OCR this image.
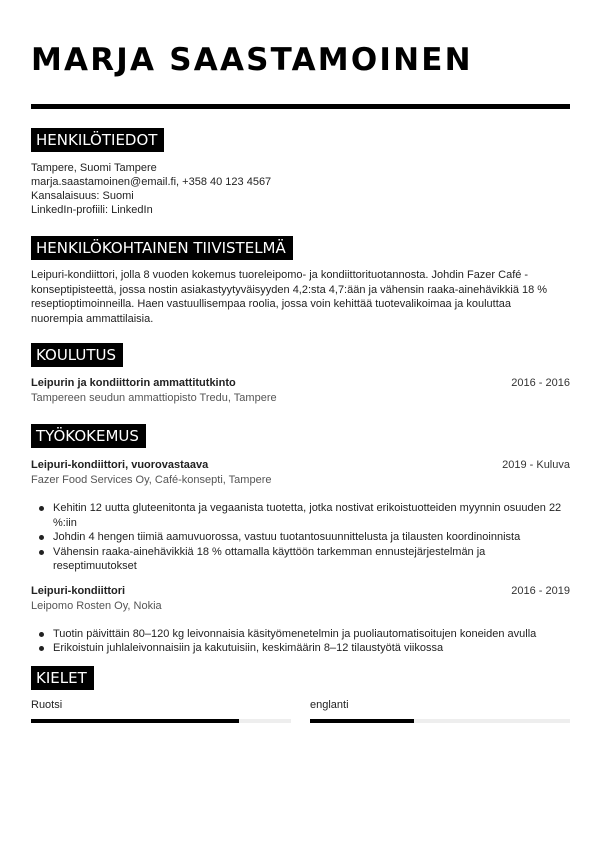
MARJA SAASTAMOINEN
HENKILÖTIEDOT
Tampere, Suomi Tampere
marja.saastamoinen@email.fi, +358 40 123 4567
Kansalaisuus: Suomi
LinkedIn-profiili: LinkedIn
HENKILÖKOHTAINEN TIIVISTELMÄ
Leipuri-kondiittori, jolla 8 vuoden kokemus tuoreleipomo- ja kondiittorituotannosta. Johdin Fazer Café -konseptipisteettä, jossa nostin asiakastyytyväisyyden 4,2:sta 4,7:ään ja vähensin raaka-ainehävikkiä 18 % reseptioptimoinneilla. Haen vastuullisempaa roolia, jossa voin kehittää tuotevalikoimaa ja kouluttaa nuorempia ammattilaisia.
KOULUTUS
Leipurin ja kondiittorin ammattitutkinto	2016 - 2016
Tampereen seudun ammattiopisto Tredu, Tampere
TYÖKOKEMUS
Leipuri-kondiittori, vuorovastaava	2019 - Kuluva
Fazer Food Services Oy, Café-konsepti, Tampere
Kehitin 12 uutta gluteenitonta ja vegaanista tuotetta, jotka nostivat erikoistuotteiden myynnin osuuden 22 %:iin
Johdin 4 hengen tiimiä aamuvuorossa, vastuu tuotantosuunnittelusta ja tilausten koordinoinnista
Vähensin raaka-ainehävikkiä 18 % ottamalla käyttöön tarkemman ennustejärjestelmän ja reseptimuutokset
Leipuri-kondiittori	2016 - 2019
Leipomo Rosten Oy, Nokia
Tuotin päivittäin 80–120 kg leivonnaisia käsityömenetelmin ja puoliautomatisoitujen koneiden avulla
Erikoistuin juhlaleivonnaisiin ja kakutuisiin, keskimäärin 8–12 tilaustyötä viikossa
KIELET
Ruotsi	englanti
